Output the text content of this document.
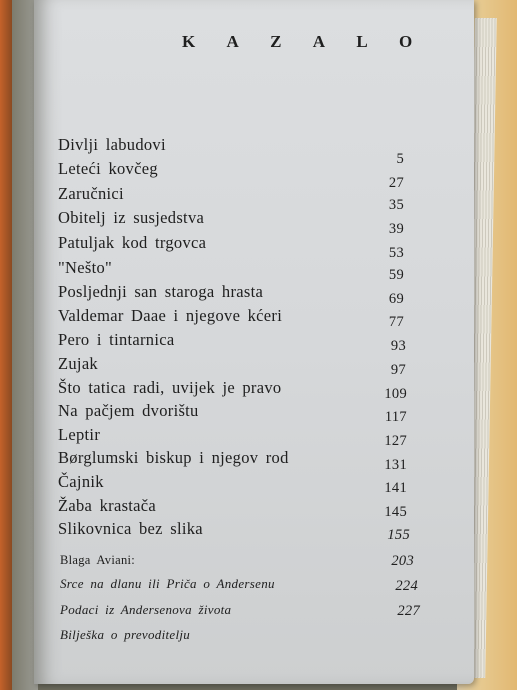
K A Z A L O
Divlji labudovi
Leteći kovčeg
Zaručnici
Obitelj iz susjedstva
Patuljak kod trgovca
"Nešto"
Posljednji san staroga hrasta
Valdemar Daae i njegove kćeri
Pero i tintarnica
Zujak
Što tatica radi, uvijek je pravo
Na pačjem dvorištu
Leptir
Børglumski biskup i njegov rod
Čajnik
Žaba krastača
Slikovnica bez slika
5
27
35
39
53
59
69
77
93
97
109
117
127
131
141
145
155
Blaga Aviani:
Srce na dlanu ili Priča o Andersenu
Podaci iz Andersenova života
Bilješka o prevoditelju
203
224
227
